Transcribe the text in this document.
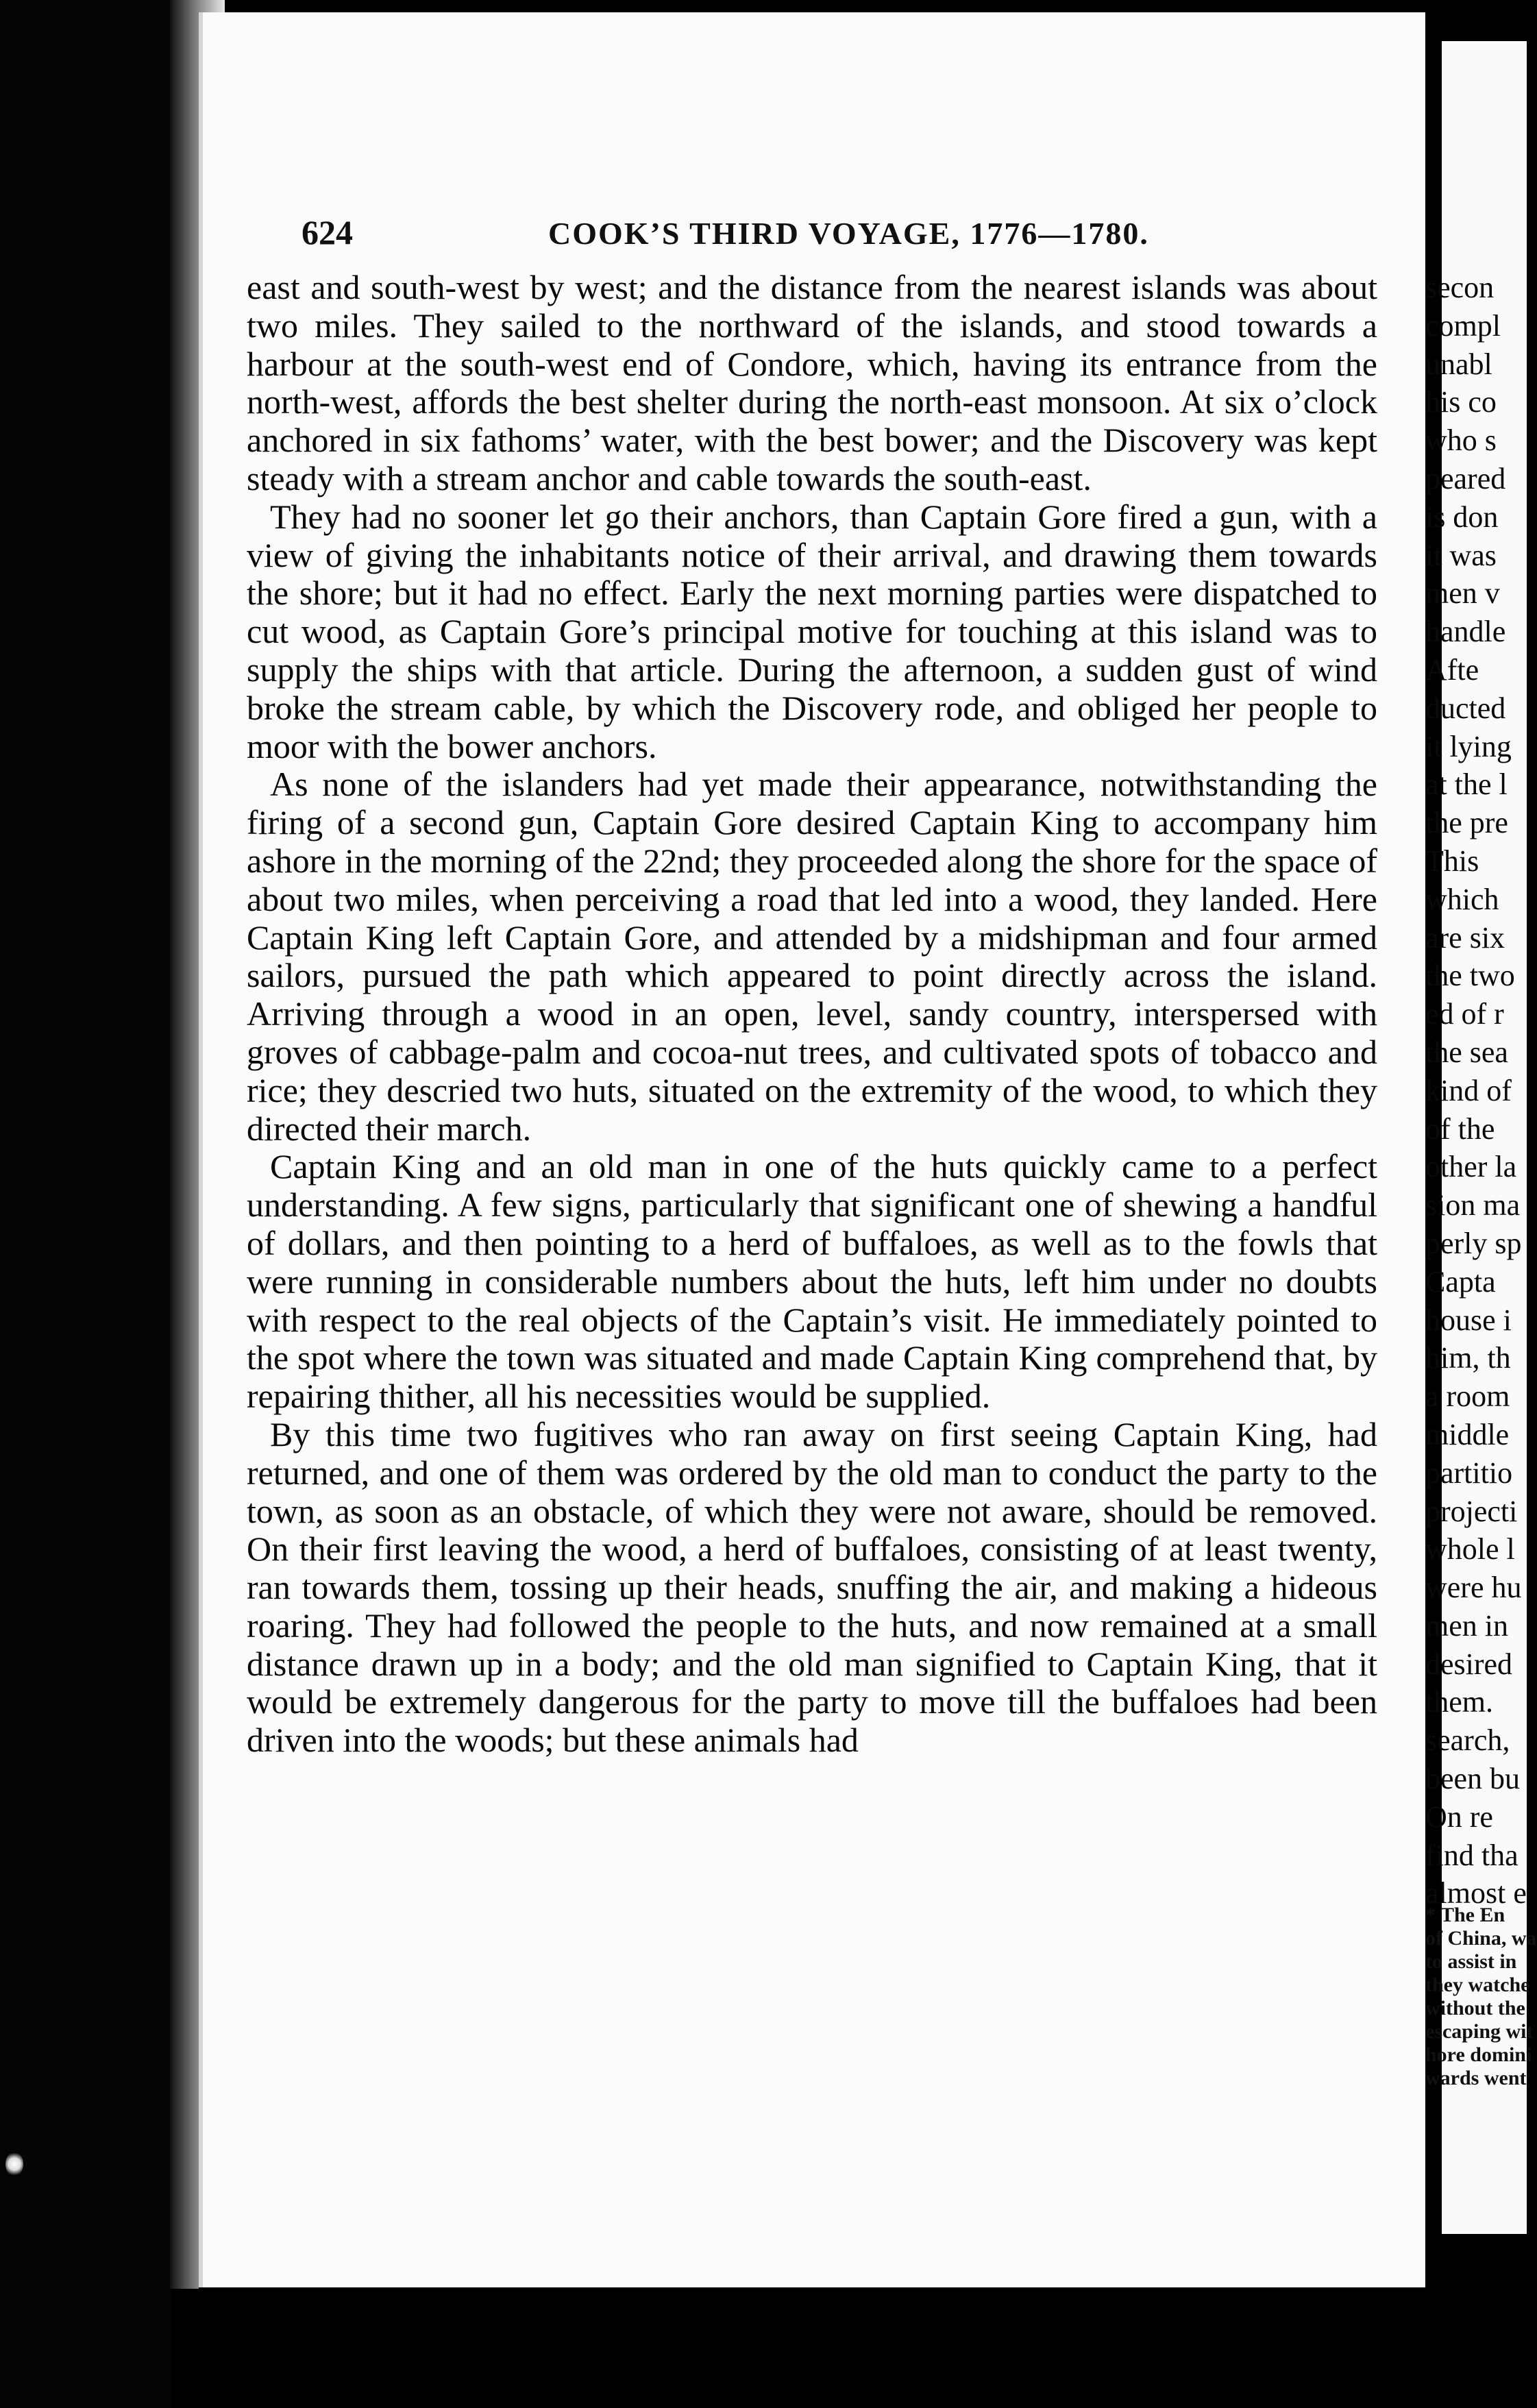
624	COOK’S THIRD VOYAGE, 1776—1780.

east and south-west by west; and the distance from the nearest islands was about two miles. They sailed to the northward of the islands, and stood towards a harbour at the south-west end of Condore, which, having its entrance from the north-west, affords the best shelter during the north-east monsoon. At six o’clock anchored in six fathoms’ water, with the best bower; and the Discovery was kept steady with a stream anchor and cable towards the south-east.

They had no sooner let go their anchors, than Captain Gore fired a gun, with a view of giving the inhabitants notice of their arrival, and drawing them towards the shore; but it had no effect. Early the next morning parties were dispatched to cut wood, as Captain Gore’s principal motive for touching at this island was to supply the ships with that article. During the afternoon, a sudden gust of wind broke the stream cable, by which the Discovery rode, and obliged her people to moor with the bower anchors.

As none of the islanders had yet made their appearance, notwithstanding the firing of a second gun, Captain Gore desired Captain King to accompany him ashore in the morning of the 22nd; they proceeded along the shore for the space of about two miles, when perceiving a road that led into a wood, they landed. Here Captain King left Captain Gore, and attended by a midshipman and four armed sailors, pursued the path which appeared to point directly across the island. Arriving through a wood in an open, level, sandy country, interspersed with groves of cabbage-palm and cocoa-nut trees, and cultivated spots of tobacco and rice; they descried two huts, situated on the extremity of the wood, to which they directed their march.

Captain King and an old man in one of the huts quickly came to a perfect understanding. A few signs, particularly that significant one of shewing a handful of dollars, and then pointing to a herd of buffaloes, as well as to the fowls that were running in considerable numbers about the huts, left him under no doubts with respect to the real objects of the Captain’s visit. He immediately pointed to the spot where the town was situated and made Captain King comprehend that, by repairing thither, all his necessities would be supplied.

By this time two fugitives who ran away on first seeing Captain King, had returned, and one of them was ordered by the old man to conduct the party to the town, as soon as an obstacle, of which they were not aware, should be removed. On their first leaving the wood, a herd of buffaloes, consisting of at least twenty, ran towards them, tossing up their heads, snuffing the air, and making a hideous roaring. They had followed the people to the huts, and now remained at a small distance drawn up in a body; and the old man signified to Captain King, that it would be extremely dangerous for the party to move till the buffaloes had been driven into the woods; but these animals had

secon
compl
unabl
his co
who s
peared
is don
it was
men v
handle
Afte
ducted
it lying
at the l
the pre
This
which
are six
the two
ed of r
the sea
kind of
of the
other la
sion ma
perly sp
Capta
house i
him, th
a room
middle
partitio
projecti
whole l
were hu
men in
desired
them.
search,
been bu
On re
find tha
almost e
* The En
of China, wa
to assist in
they watche
without the
escaping wit
hore domini
wards went
